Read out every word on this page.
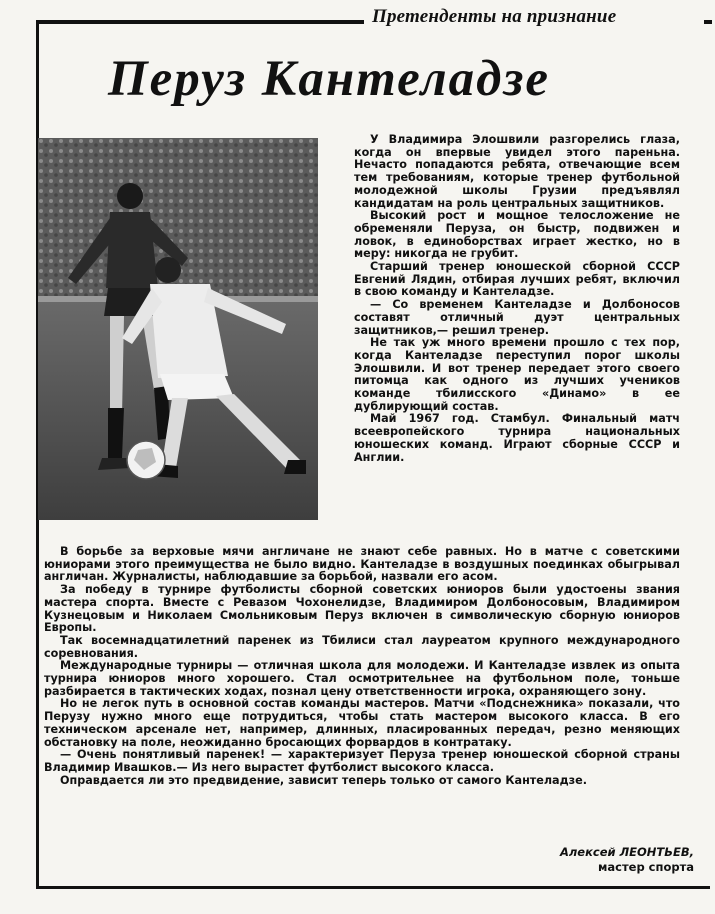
Претенденты на признание
Перуз Кантеладзе

У Владимира Элошвили разгорелись глаза, когда он впервые увидел этого пареньна. Нечасто попадаются ребята, отвечающие всем тем требованиям, которые тренер футбольной молодежной школы Грузии предъявлял кандидатам на роль центральных защитников.

Высокий рост и мощное телосложение не обременяли Перуза, он быстр, подвижен и ловок, в единоборствах играет жестко, но в меру: никогда не грубит.

Старший тренер юношеской сборной СССР Евгений Лядин, отбирая лучших ребят, включил в свою команду и Кантеладзе.

— Со временем Кантеладзе и Долбоносов составят отличный дуэт центральных защитников,— решил тренер.

Не так уж много времени прошло с тех пор, когда Кантеладзе переступил порог школы Элошвили. И вот тренер передает этого своего питомца как одного из лучших учеников команде тбилисского «Динамо» в ее дублирующий состав.

Май 1967 год. Стамбул. Финальный матч всеевропейского турнира национальных юношеских команд. Играют сборные СССР и Англии.

В борьбе за верховые мячи англичане не знают себе равных. Но в матче с советскими юниорами этого преимущества не было видно. Кантеладзе в воздушных поединках обыгрывал англичан. Журналисты, наблюдавшие за борьбой, назвали его асом.

За победу в турнире футболисты сборной советских юниоров были удостоены звания мастера спорта. Вместе с Ревазом Чохонелидзе, Владимиром Долбоносовым, Владимиром Кузнецовым и Николаем Смольниковым Перуз включен в символическую сборную юниоров Европы.

Так восемнадцатилетний паренек из Тбилиси стал лауреатом крупного международного соревнования.

Международные турниры — отличная школа для молодежи. И Кантеладзе извлек из опыта турнира юниоров много хорошего. Стал осмотрительнее на футбольном поле, тоньше разбирается в тактических ходах, познал цену ответственности игрока, охраняющего зону.

Но не легок путь в основной состав команды мастеров. Матчи «Подснежника» показали, что Перузу нужно много еще потрудиться, чтобы стать мастером высокого класса. В его техническом арсенале нет, например, длинных, пласированных передач, резно меняющих обстановку на поле, неожиданно бросающих форвардов в контратаку.

— Очень понятливый паренек! — характеризует Перуза тренер юношеской сборной страны Владимир Ивашков.— Из него вырастет футболист высокого класса.

Оправдается ли это предвидение, зависит теперь только от самого Кантеладзе.

Алексей ЛЕОНТЬЕВ,
мастер спорта
